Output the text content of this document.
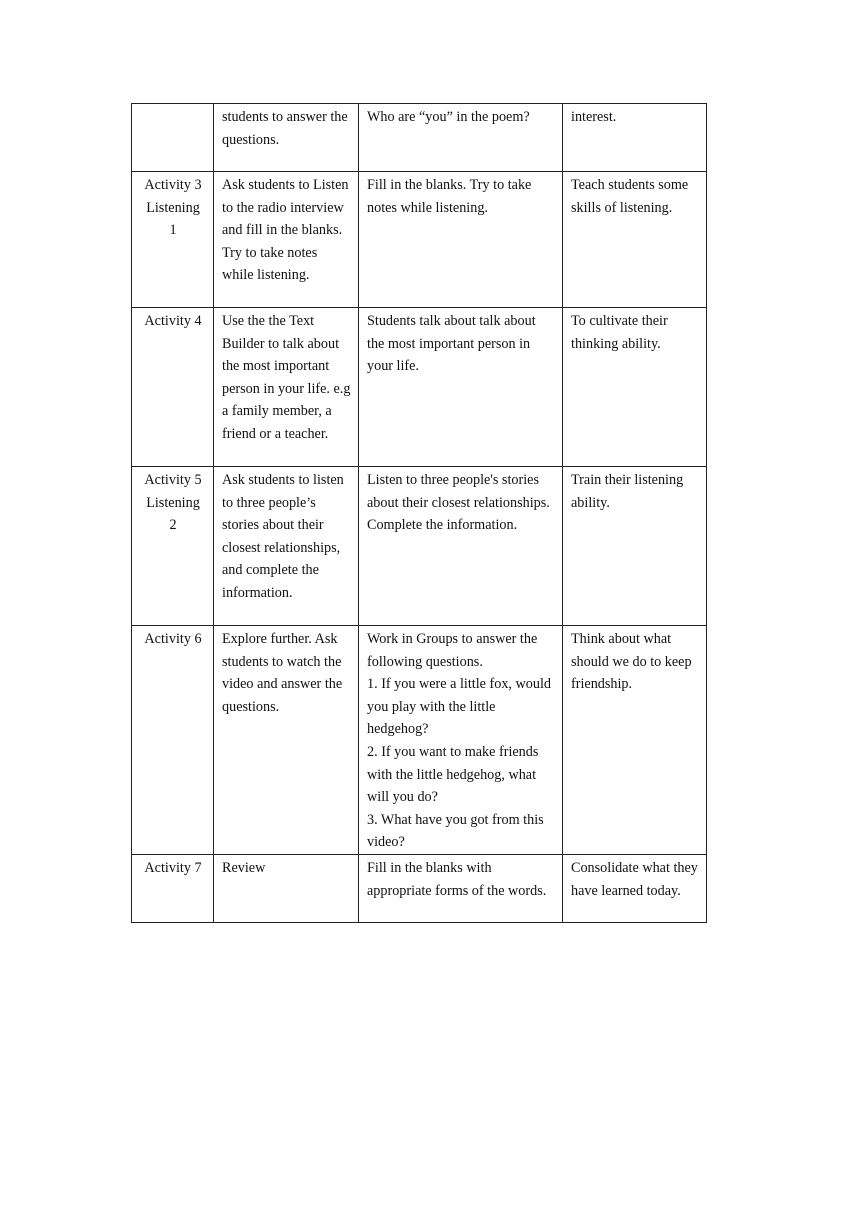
	students to answer the questions.	Who are “you” in the poem?	interest.

Activity 3
Listening
1	Ask students to Listen to the radio interview and fill in the blanks. Try to take notes while listening.	Fill in the blanks. Try to take notes while listening.	Teach students some skills of listening.

Activity 4	Use the the Text Builder to talk about the most important person in your life. e.g a family member, a friend or a teacher.	Students talk about talk about the most important person in your life.	To cultivate their thinking ability.

Activity 5
Listening
2	Ask students to listen to three people’s stories about their closest relationships, and complete the information.	Listen to three people's stories about their closest relationships. Complete the information.	Train their listening ability.

Activity 6	Explore further. Ask students to watch the video and answer the questions.	Work in Groups to answer the following questions.
1. If you were a little fox, would you play with the little hedgehog?
2. If you want to make friends with the little hedgehog, what will you do?
3. What have you got from this video?	Think about what should we do to keep friendship.

Activity 7	Review	Fill in the blanks with appropriate forms of the words.	Consolidate what they have learned today.
